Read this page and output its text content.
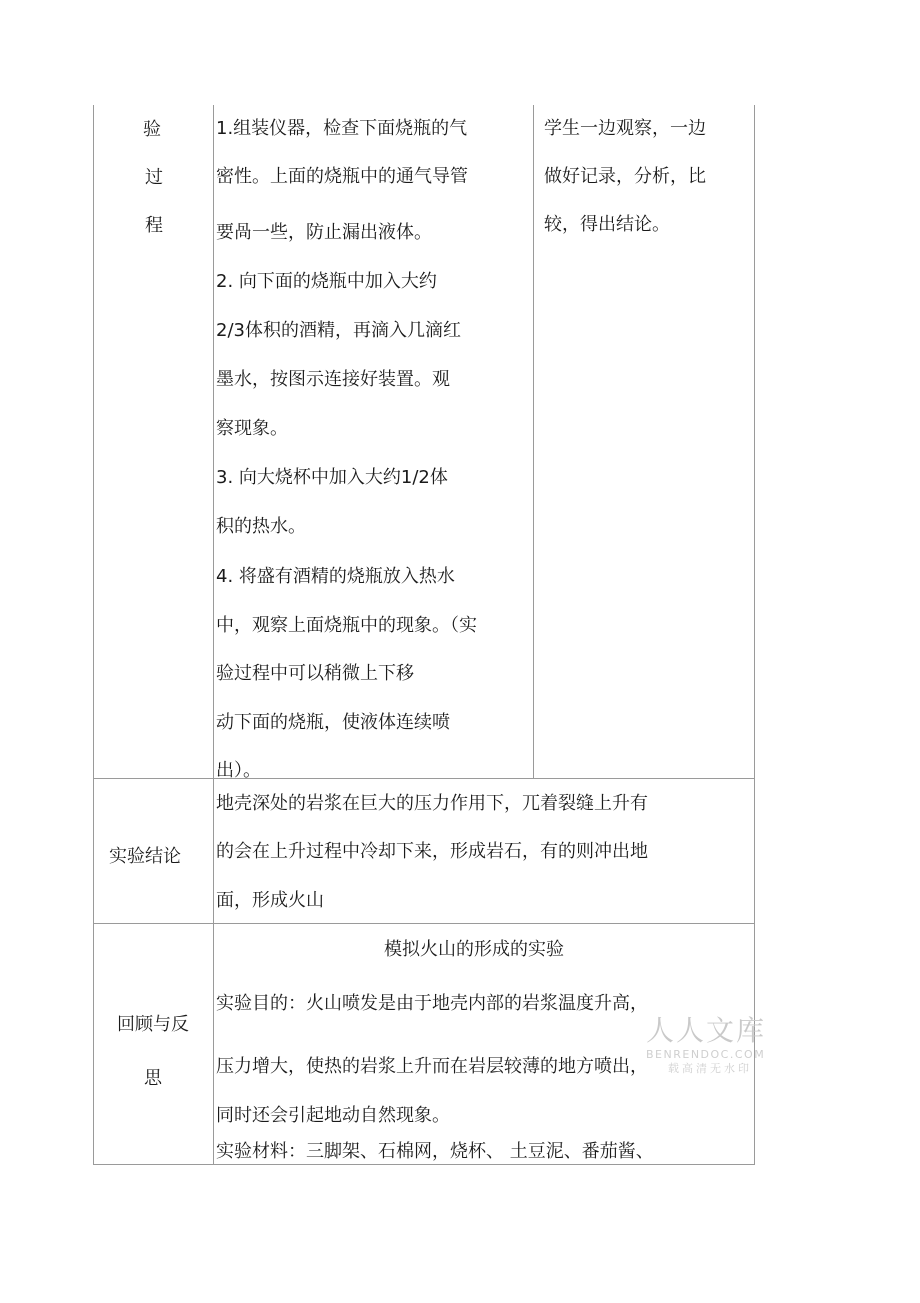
验
过
程
1.组装仪器，检查下面烧瓶的气
密性。上面的烧瓶中的通气导管
要咼一些，防止漏出液体。
2. 向下面的烧瓶中加入大约
2/3体积的酒精，再滴入几滴红
墨水，按图示连接好装置。观
察现象。
3. 向大烧杯中加入大约1/2体
积的热水。
4. 将盛有酒精的烧瓶放入热水
中，观察上面烧瓶中的现象。（实
验过程中可以稍微上下移
动下面的烧瓶，使液体连续喷
出）。
学生一边观察，一边
做好记录，分析，比
较，得出结论。
实验结论
地壳深处的岩浆在巨大的压力作用下，兀着裂缝上升有
的会在上升过程中冷却下来，形成岩石，有的则冲出地
面，形成火山
回顾与反
思
模拟火山的形成的实验
实验目的：火山喷发是由于地壳内部的岩浆温度升高，
压力增大，使热的岩浆上升而在岩层较薄的地方喷出，
同时还会引起地动自然现象。
实验材料：三脚架、石棉网，烧杯、 土豆泥、番茄酱、
人人文库
BENRENDOC.COM
载高清无水印
